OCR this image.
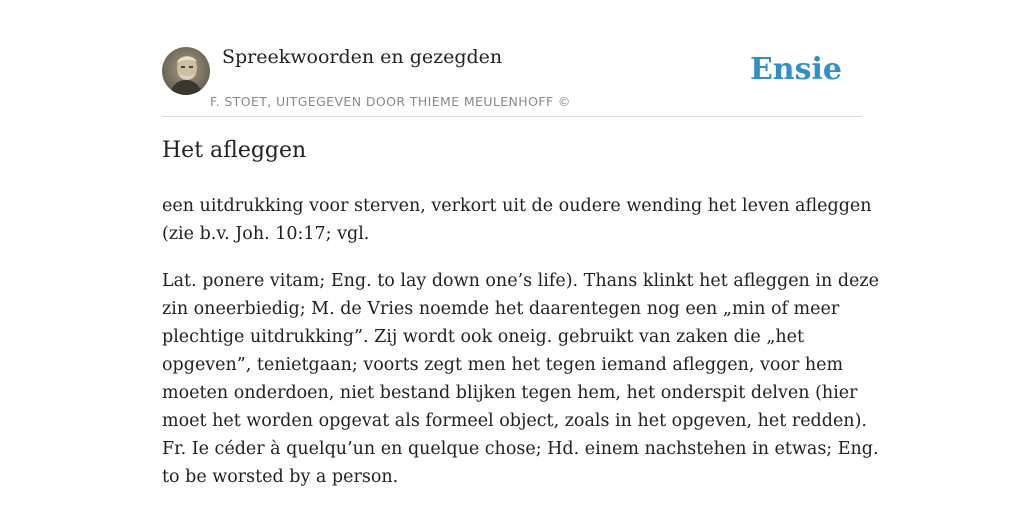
Spreekwoorden en gezegden
F. STOET, UITGEGEVEN DOOR THIEME MEULENHOFF ©
Ensie
Het afleggen

een uitdrukking voor sterven, verkort uit de oudere wending het leven afleggen
(zie b.v. Joh. 10:17; vgl.

Lat. ponere vitam; Eng. to lay down one’s life). Thans klinkt het afleggen in deze
zin oneerbiedig; M. de Vries noemde het daarentegen nog een „min of meer
plechtige uitdrukking”. Zij wordt ook oneig. gebruikt van zaken die „het
opgeven”, tenietgaan; voorts zegt men het tegen iemand afleggen, voor hem
moeten onderdoen, niet bestand blijken tegen hem, het onderspit delven (hier
moet het worden opgevat als formeel object, zoals in het opgeven, het redden).
Fr. Ie céder à quelqu’un en quelque chose; Hd. einem nachstehen in etwas; Eng.
to be worsted by a person.
